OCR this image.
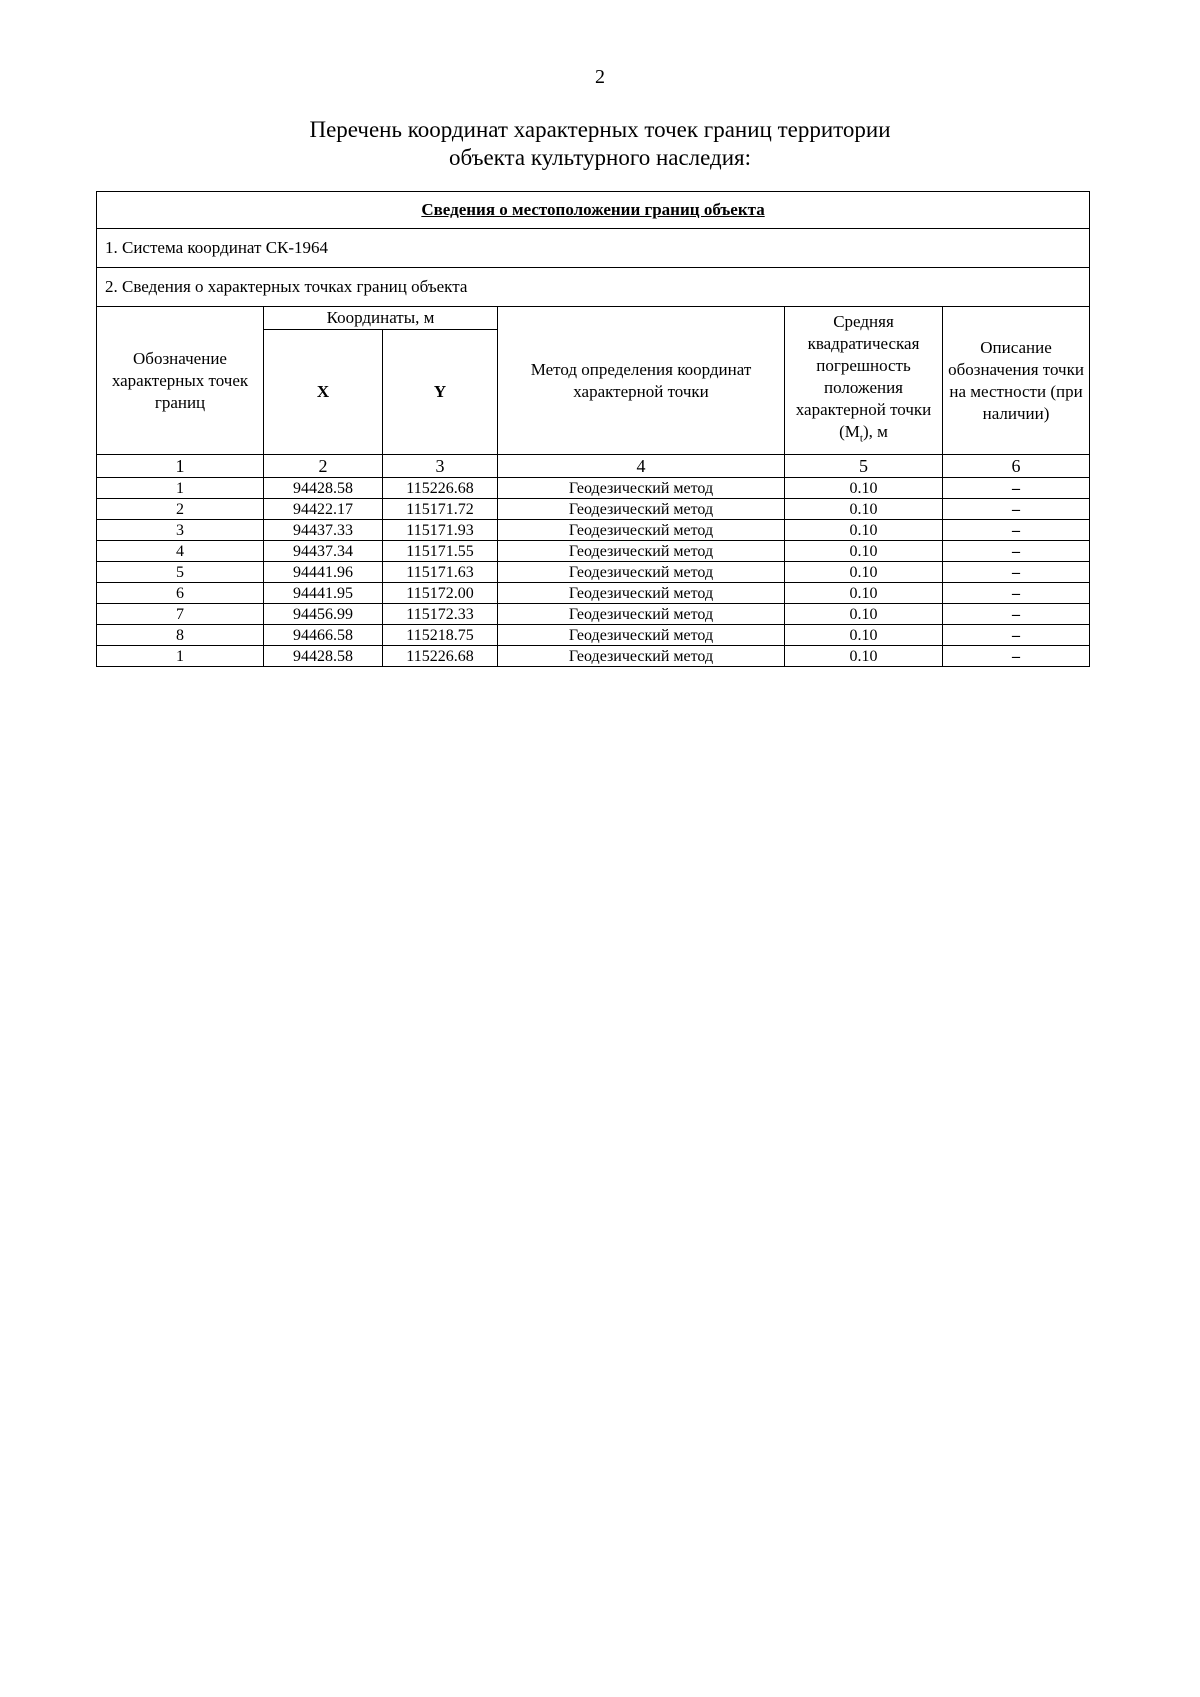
2
Перечень координат характерных точек границ территории
объекта культурного наследия:
Сведения о местоположении границ объекта					
1. Система координат СК-1964					
2. Сведения о характерных точках границ объекта					
Обозначение характерных точек границ	Координаты, м		Метод определения координат характерной точки	Средняя квадратическая погрешность положения характерной точки $(M_t)$, м	Описание обозначения точки на местности (при наличии)
	X	Y			
1	2	3	4	5	6
1	94428.58	115226.68	Геодезический метод	0.10	–
2	94422.17	115171.72	Геодезический метод	0.10	–
3	94437.33	115171.93	Геодезический метод	0.10	–
4	94437.34	115171.55	Геодезический метод	0.10	–
5	94441.96	115171.63	Геодезический метод	0.10	–
6	94441.95	115172.00	Геодезический метод	0.10	–
7	94456.99	115172.33	Геодезический метод	0.10	–
8	94466.58	115218.75	Геодезический метод	0.10	–
1	94428.58	115226.68	Геодезический метод	0.10	–
